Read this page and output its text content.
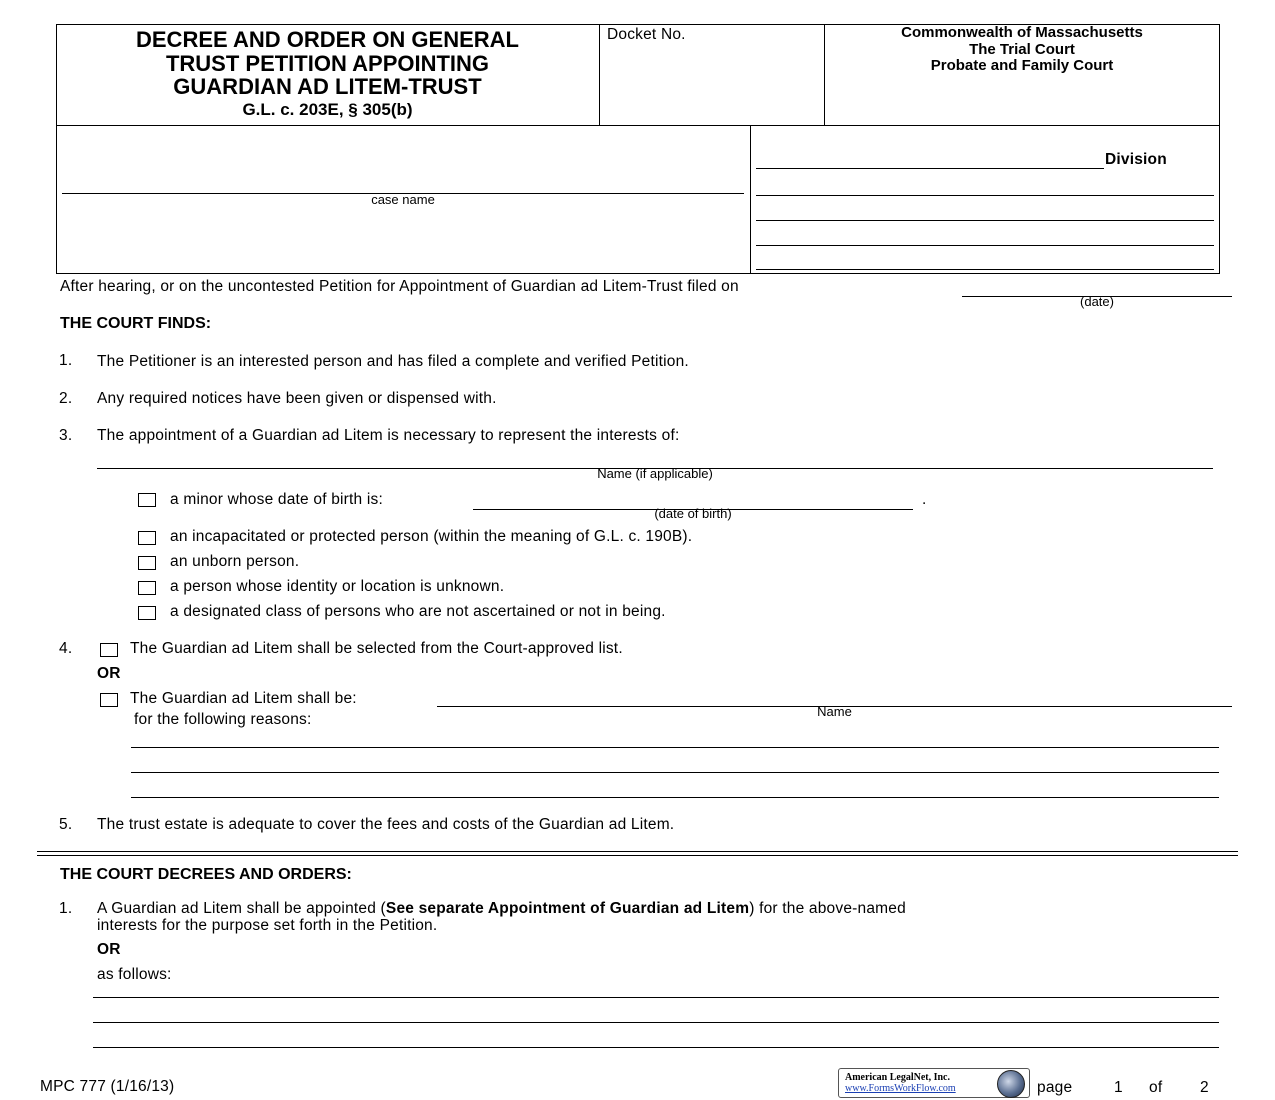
DECREE AND ORDER ON GENERAL
TRUST PETITION APPOINTING
GUARDIAN AD LITEM-TRUST
G.L. c. 203E, § 305(b)
Docket No.	Commonwealth of Massachusetts
The Trial Court
Probate and Family Court
case name
Division
After hearing, or on the uncontested Petition for Appointment of Guardian ad Litem-Trust filed on
(date)
THE COURT FINDS:
1. The Petitioner is an interested person and has filed a complete and verified Petition.
2. Any required notices have been given or dispensed with.
3. The appointment of a Guardian ad Litem is necessary to represent the interests of:
Name (if applicable)
a minor whose date of birth is:	.
(date of birth)
an incapacitated or protected person (within the meaning of G.L. c. 190B).
an unborn person.
a person whose identity or location is unknown.
a designated class of persons who are not ascertained or not in being.
4.	The Guardian ad Litem shall be selected from the Court-approved list.
OR
The Guardian ad Litem shall be:
Name
for the following reasons:
5. The trust estate is adequate to cover the fees and costs of the Guardian ad Litem.
THE COURT DECREES AND ORDERS:
1. A Guardian ad Litem shall be appointed (See separate Appointment of Guardian ad Litem) for the above-named
interests for the purpose set forth in the Petition.
OR
as follows:
MPC 777 (1/16/13)
American LegalNet, Inc.
www.FormsWorkFlow.com	page	1 of 2
